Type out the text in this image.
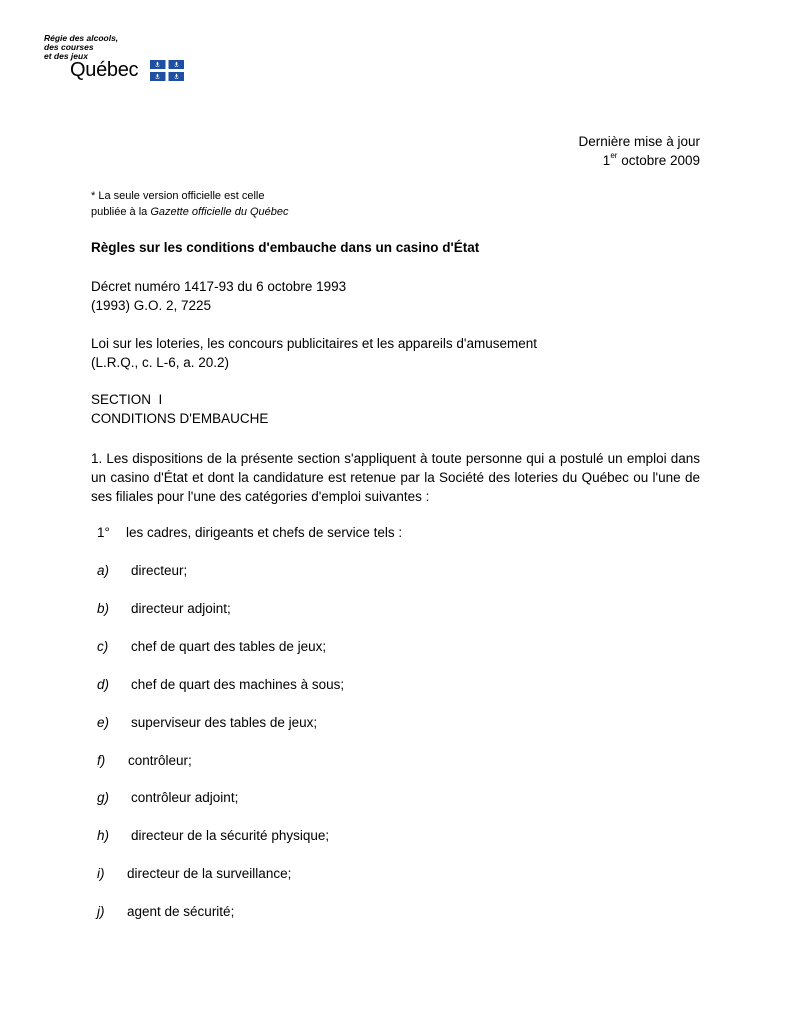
Régie des alcools,
des courses
et des jeux
Québec
Dernière mise à jour
1er octobre 2009
* La seule version officielle est celle
publiée à la Gazette officielle du Québec
Règles sur les conditions d'embauche dans un casino d'État
Décret numéro 1417-93 du 6 octobre 1993
(1993) G.O. 2, 7225
Loi sur les loteries, les concours publicitaires et les appareils d'amusement
(L.R.Q., c. L-6, a. 20.2)
SECTION  I
CONDITIONS D'EMBAUCHE
1. Les dispositions de la présente section s'appliquent à toute personne qui a postulé un emploi dans un casino d'État et dont la candidature est retenue par la Société des loteries du Québec ou l'une de ses filiales pour l'une des catégories d'emploi suivantes :
1° les cadres, dirigeants et chefs de service tels :
a) directeur;
b) directeur adjoint;
c) chef de quart des tables de jeux;
d) chef de quart des machines à sous;
e) superviseur des tables de jeux;
f) contrôleur;
g) contrôleur adjoint;
h) directeur de la sécurité physique;
i) directeur de la surveillance;
j) agent de sécurité;
